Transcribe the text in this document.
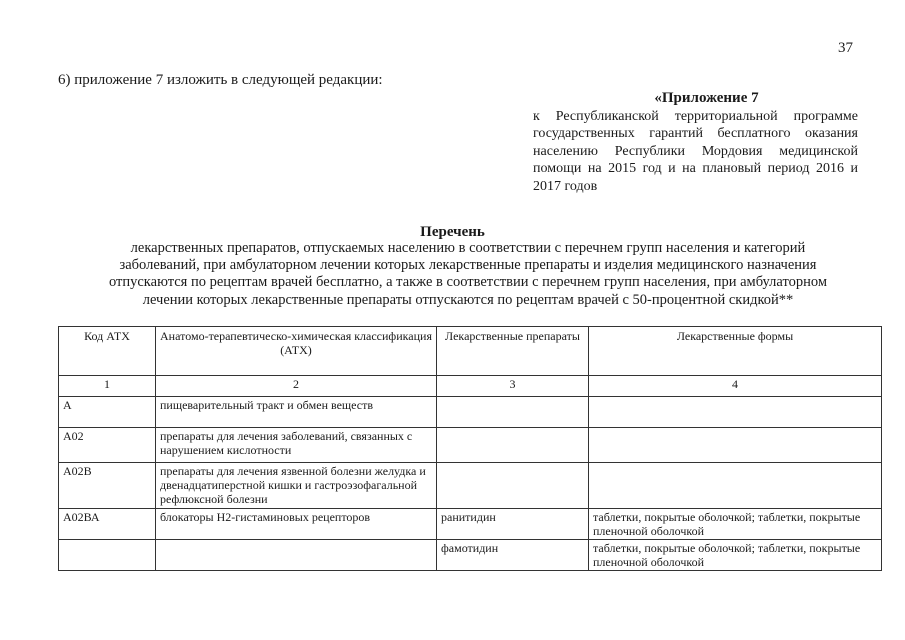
37
6) приложение 7 изложить в следующей редакции:
«Приложение 7
к Республиканской территориальной программе государственных гарантий бесплатного оказания населению Республики Мордовия медицинской помощи на 2015 год и на плановый период 2016 и 2017 годов
Перечень
лекарственных препаратов, отпускаемых населению в соответствии с перечнем групп населения и категорий
заболеваний, при амбулаторном лечении которых лекарственные препараты и изделия медицинского назначения
отпускаются по рецептам врачей бесплатно, а также в соответствии с перечнем групп населения, при амбулаторном
лечении которых лекарственные препараты отпускаются по рецептам врачей с 50-процентной скидкой**
Код АТХ	Анатомо-терапевтическо-химическая классификация (АТХ)	Лекарственные препараты	Лекарственные формы
1	2	3	4
А	пищеварительный тракт и обмен веществ		
А02	препараты для лечения заболеваний, связанных с нарушением кислотности		
А02В	препараты для лечения язвенной болезни желудка и двенадцатиперстной кишки и гастроэзофагальной рефлюксной болезни		
А02ВА	блокаторы Н2-гистаминовых рецепторов	ранитидин	таблетки, покрытые оболочкой; таблетки, покрытые пленочной оболочкой
		фамотидин	таблетки, покрытые оболочкой; таблетки, покрытые пленочной оболочкой
